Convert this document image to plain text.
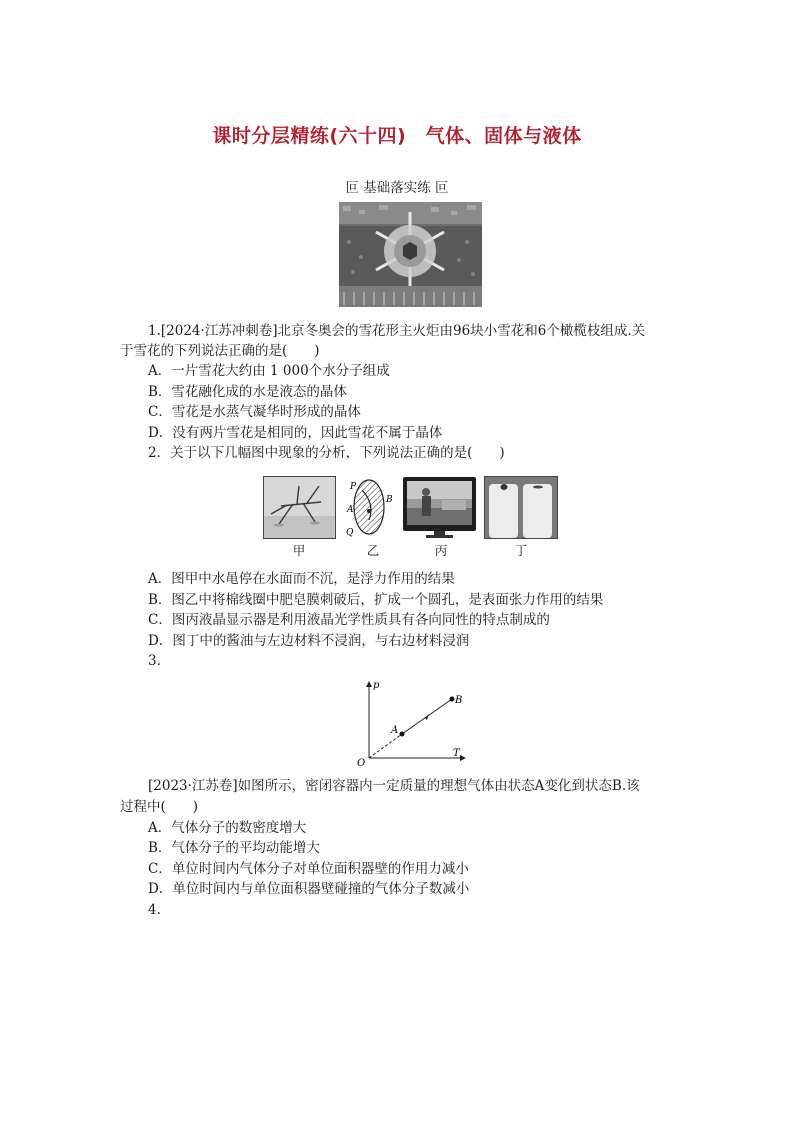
课时分层精练(六十四)　气体、固体与液体
叵 基础落实练 叵
1.[2024·江苏冲刺卷]北京冬奥会的雪花形主火炬由96块小雪花和6个橄榄枝组成.关
于雪花的下列说法正确的是(　　)
A．一片雪花大约由 1 000个水分子组成
B．雪花融化成的水是液态的晶体
C．雪花是水蒸气凝华时形成的晶体
D．没有两片雪花是相同的，因此雪花不属于晶体
2．关于以下几幅图中现象的分析，下列说法正确的是(　　)
甲
P
B
A
Q
乙	丙	丁
A．图甲中水黾停在水面而不沉，是浮力作用的结果
B．图乙中将棉线圈中肥皂膜刺破后，扩成一个圆孔，是表面张力作用的结果
C．图丙液晶显示器是利用液晶光学性质具有各向同性的特点制成的
D．图丁中的酱油与左边材料不浸润，与右边材料浸润
3.
p
T
O
A
B
[2023·江苏卷]如图所示，密闭容器内一定质量的理想气体由状态A变化到状态B.该
过程中(　　)
A．气体分子的数密度增大
B．气体分子的平均动能增大
C．单位时间内气体分子对单位面积器壁的作用力减小
D．单位时间内与单位面积器壁碰撞的气体分子数减小
4.
